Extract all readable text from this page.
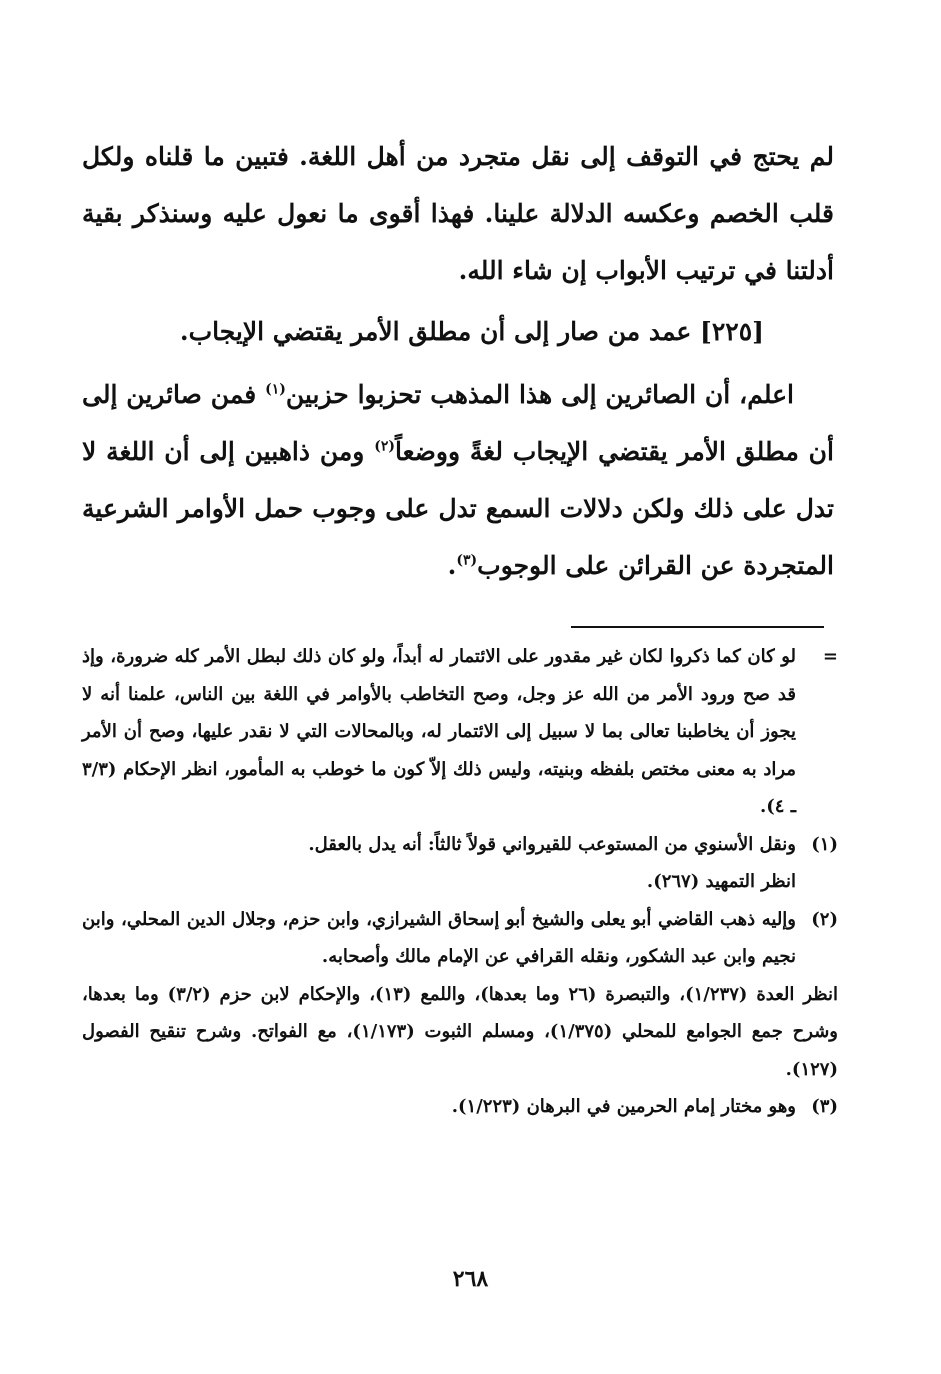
لم يحتج في التوقف إلى نقل متجرد من أهل اللغة. فتبين ما قلناه ولكل قلب الخصم وعكسه الدلالة علينا. فهذا أقوى ما نعول عليه وسنذكر بقية أدلتنا في ترتيب الأبواب إن شاء الله.

[٢٢٥] عمد من صار إلى أن مطلق الأمر يقتضي الإيجاب.

اعلم، أن الصائرين إلى هذا المذهب تحزبوا حزبين$^{(١)}$ فمن صائرين إلى أن مطلق الأمر يقتضي الإيجاب لغةً ووضعاً$^{(٢)}$ ومن ذاهبين إلى أن اللغة لا تدل على ذلك ولكن دلالات السمع تدل على وجوب حمل الأوامر الشرعية المتجردة عن القرائن على الوجوب$^{(٣)}$.

=
لو كان كما ذكروا لكان غير مقدور على الائتمار له أبداً، ولو كان ذلك لبطل الأمر كله ضرورة، وإذ قد صح ورود الأمر من الله عز وجل، وصح التخاطب بالأوامر في اللغة بين الناس، علمنا أنه لا يجوز أن يخاطبنا تعالى بما لا سبيل إلى الائتمار له، وبالمحالات التي لا نقدر عليها، وصح أن الأمر مراد به معنى مختص بلفظه وبنيته، وليس ذلك إلاّ كون ما خوطب به المأمور، انظر الإحكام (٣/٣ ـ ٤).
(١)

ونقل الأسنوي من المستوعب للقيرواني قولاً ثالثاً: أنه يدل بالعقل.

انظر التمهيد (٢٦٧).

(٢)
وإليه ذهب القاضي أبو يعلى والشيخ أبو إسحاق الشيرازي، وابن حزم، وجلال الدين المحلي، وابن نجيم وابن عبد الشكور، ونقله القرافي عن الإمام مالك وأصحابه.

انظر العدة (١/٢٣٧)، والتبصرة (٢٦ وما بعدها)، واللمع (١٣)، والإحكام لابن حزم (٣/٢) وما بعدها، وشرح جمع الجوامع للمحلي (١/٣٧٥)، ومسلم الثبوت (١/١٧٣)، مع الفواتح. وشرح تنقيح الفصول (١٢٧).

(٣)
وهو مختار إمام الحرمين في البرهان (١/٢٢٣).
٢٦٨
